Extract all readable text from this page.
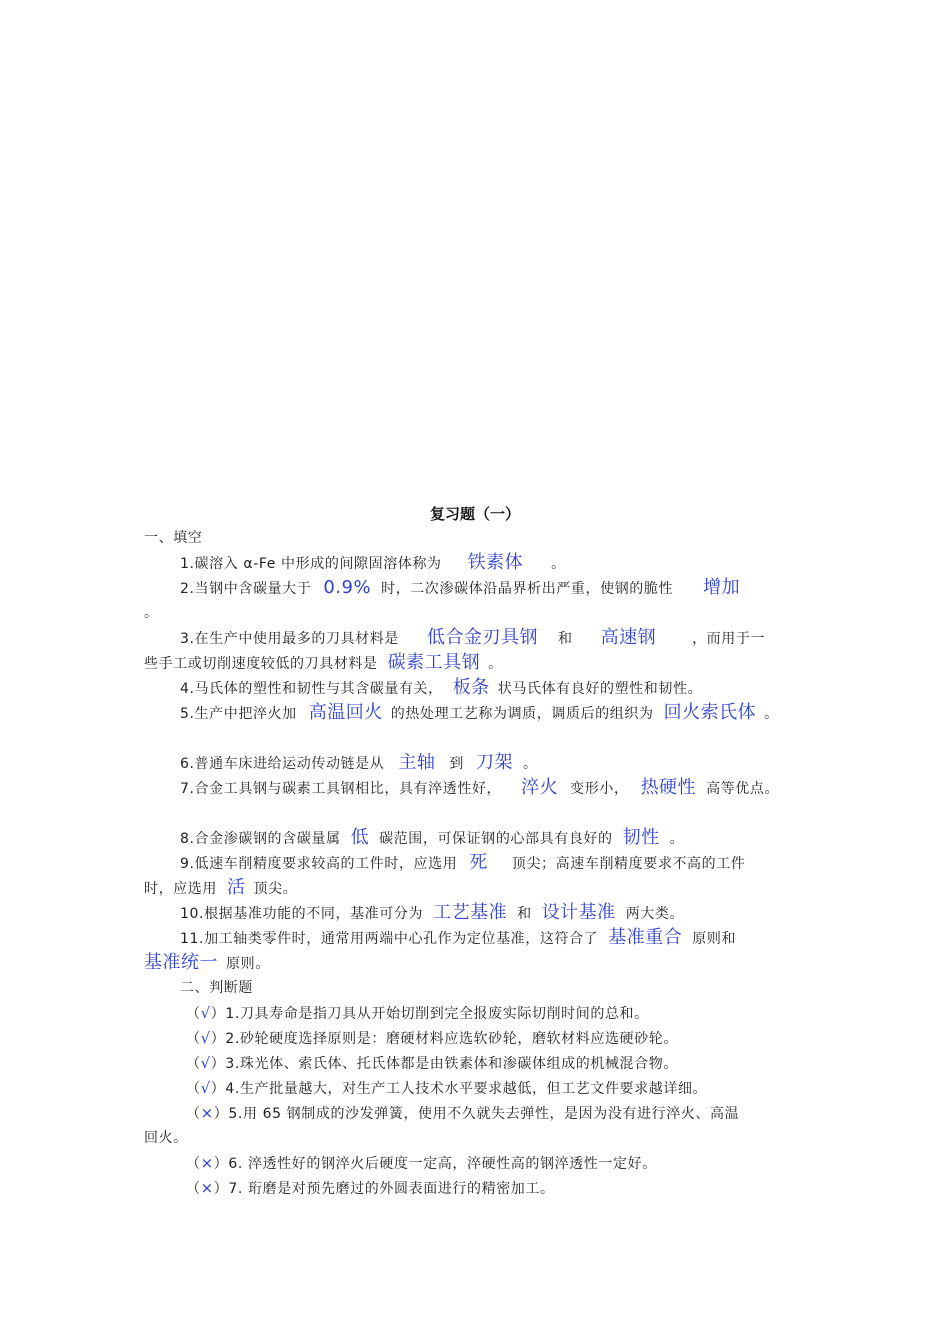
复习题（一）
一、填空
1.碳溶入 α-Fe 中形成的间隙固溶体称为 铁素体 。
2.当钢中含碳量大于 0.9% 时，二次渗碳体沿晶界析出严重，使钢的脆性 增加
。
3.在生产中使用最多的刀具材料是 低合金刃具钢 和 高速钢	，而用于一
些手工或切削速度较低的刀具材料是 碳素工具钢 。
4.马氏体的塑性和韧性与其含碳量有关， 板条 状马氏体有良好的塑性和韧性。
5.生产中把淬火加 高温回火 的热处理工艺称为调质，调质后的组织为 回火索氏体 。
6.普通车床进给运动传动链是从 主轴 到 刀架 。
7.合金工具钢与碳素工具钢相比，具有淬透性好， 淬火 变形小， 热硬性 高等优点。
8.合金渗碳钢的含碳量属 低 碳范围，可保证钢的心部具有良好的 韧性 。
9.低速车削精度要求较高的工件时，应选用 死 顶尖；高速车削精度要求不高的工件
时，应选用 活 顶尖。
10.根据基准功能的不同，基准可分为 工艺基准 和 设计基准 两大类。
11.加工轴类零件时，通常用两端中心孔作为定位基准，这符合了 基准重合 原则和
基准统一 原则。
二、判断题
（√）1.刀具寿命是指刀具从开始切削到完全报废实际切削时间的总和。
（√）2.砂轮硬度选择原则是：磨硬材料应选软砂轮，磨软材料应选硬砂轮。
（√）3.珠光体、索氏体、托氏体都是由铁素体和渗碳体组成的机械混合物。
（√）4.生产批量越大，对生产工人技术水平要求越低，但工艺文件要求越详细。
（×）5.用 65 钢制成的沙发弹簧，使用不久就失去弹性，是因为没有进行淬火、高温
回火。
（×）6. 淬透性好的钢淬火后硬度一定高，淬硬性高的钢淬透性一定好。
（×）7. 珩磨是对预先磨过的外圆表面进行的精密加工。
